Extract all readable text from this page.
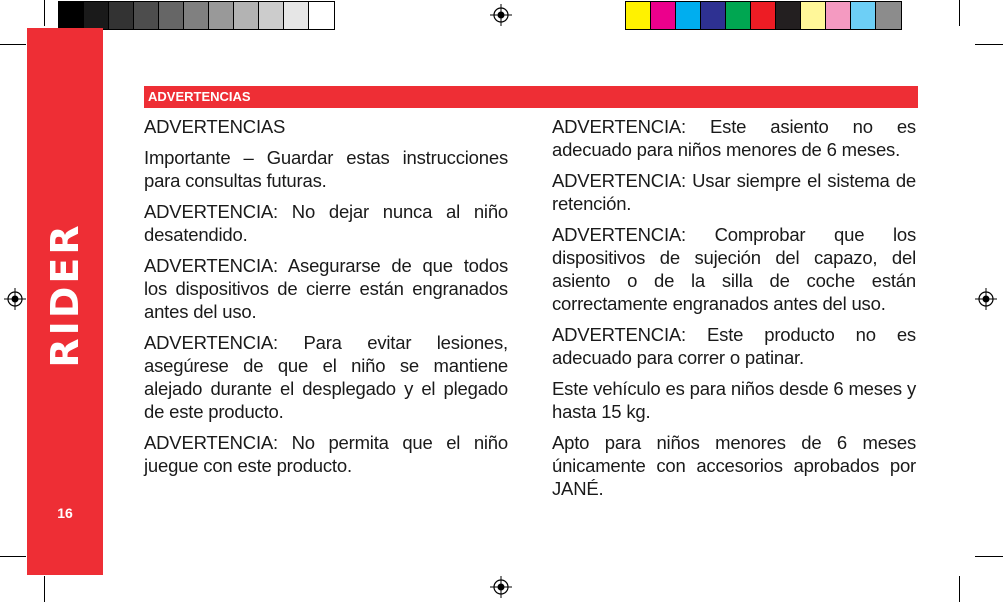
RIDER
16
ADVERTENCIAS

ADVERTENCIAS

Importante – Guardar estas instrucciones para consultas futuras.

ADVERTENCIA: No dejar nunca al niño desatendido.

ADVERTENCIA: Asegurarse de que todos los dispositivos de cierre están engranados antes del uso.

ADVERTENCIA: Para evitar lesiones, asegúrese de que el niño se mantiene alejado durante el desplegado y el plegado de este producto.

ADVERTENCIA: No permita que el niño juegue con este producto.

ADVERTENCIA: Este asiento no es adecuado para niños menores de 6 meses.

ADVERTENCIA: Usar siempre el sistema de retención.

ADVERTENCIA: Comprobar que los dispositivos de sujeción del capazo, del asiento o de la silla de coche están correctamente engranados antes del uso.

ADVERTENCIA: Este producto no es adecuado para correr o patinar.

Este vehículo es para niños desde 6 meses y hasta 15 kg.

Apto para niños menores de 6 meses únicamente con accesorios aprobados por JANÉ.
